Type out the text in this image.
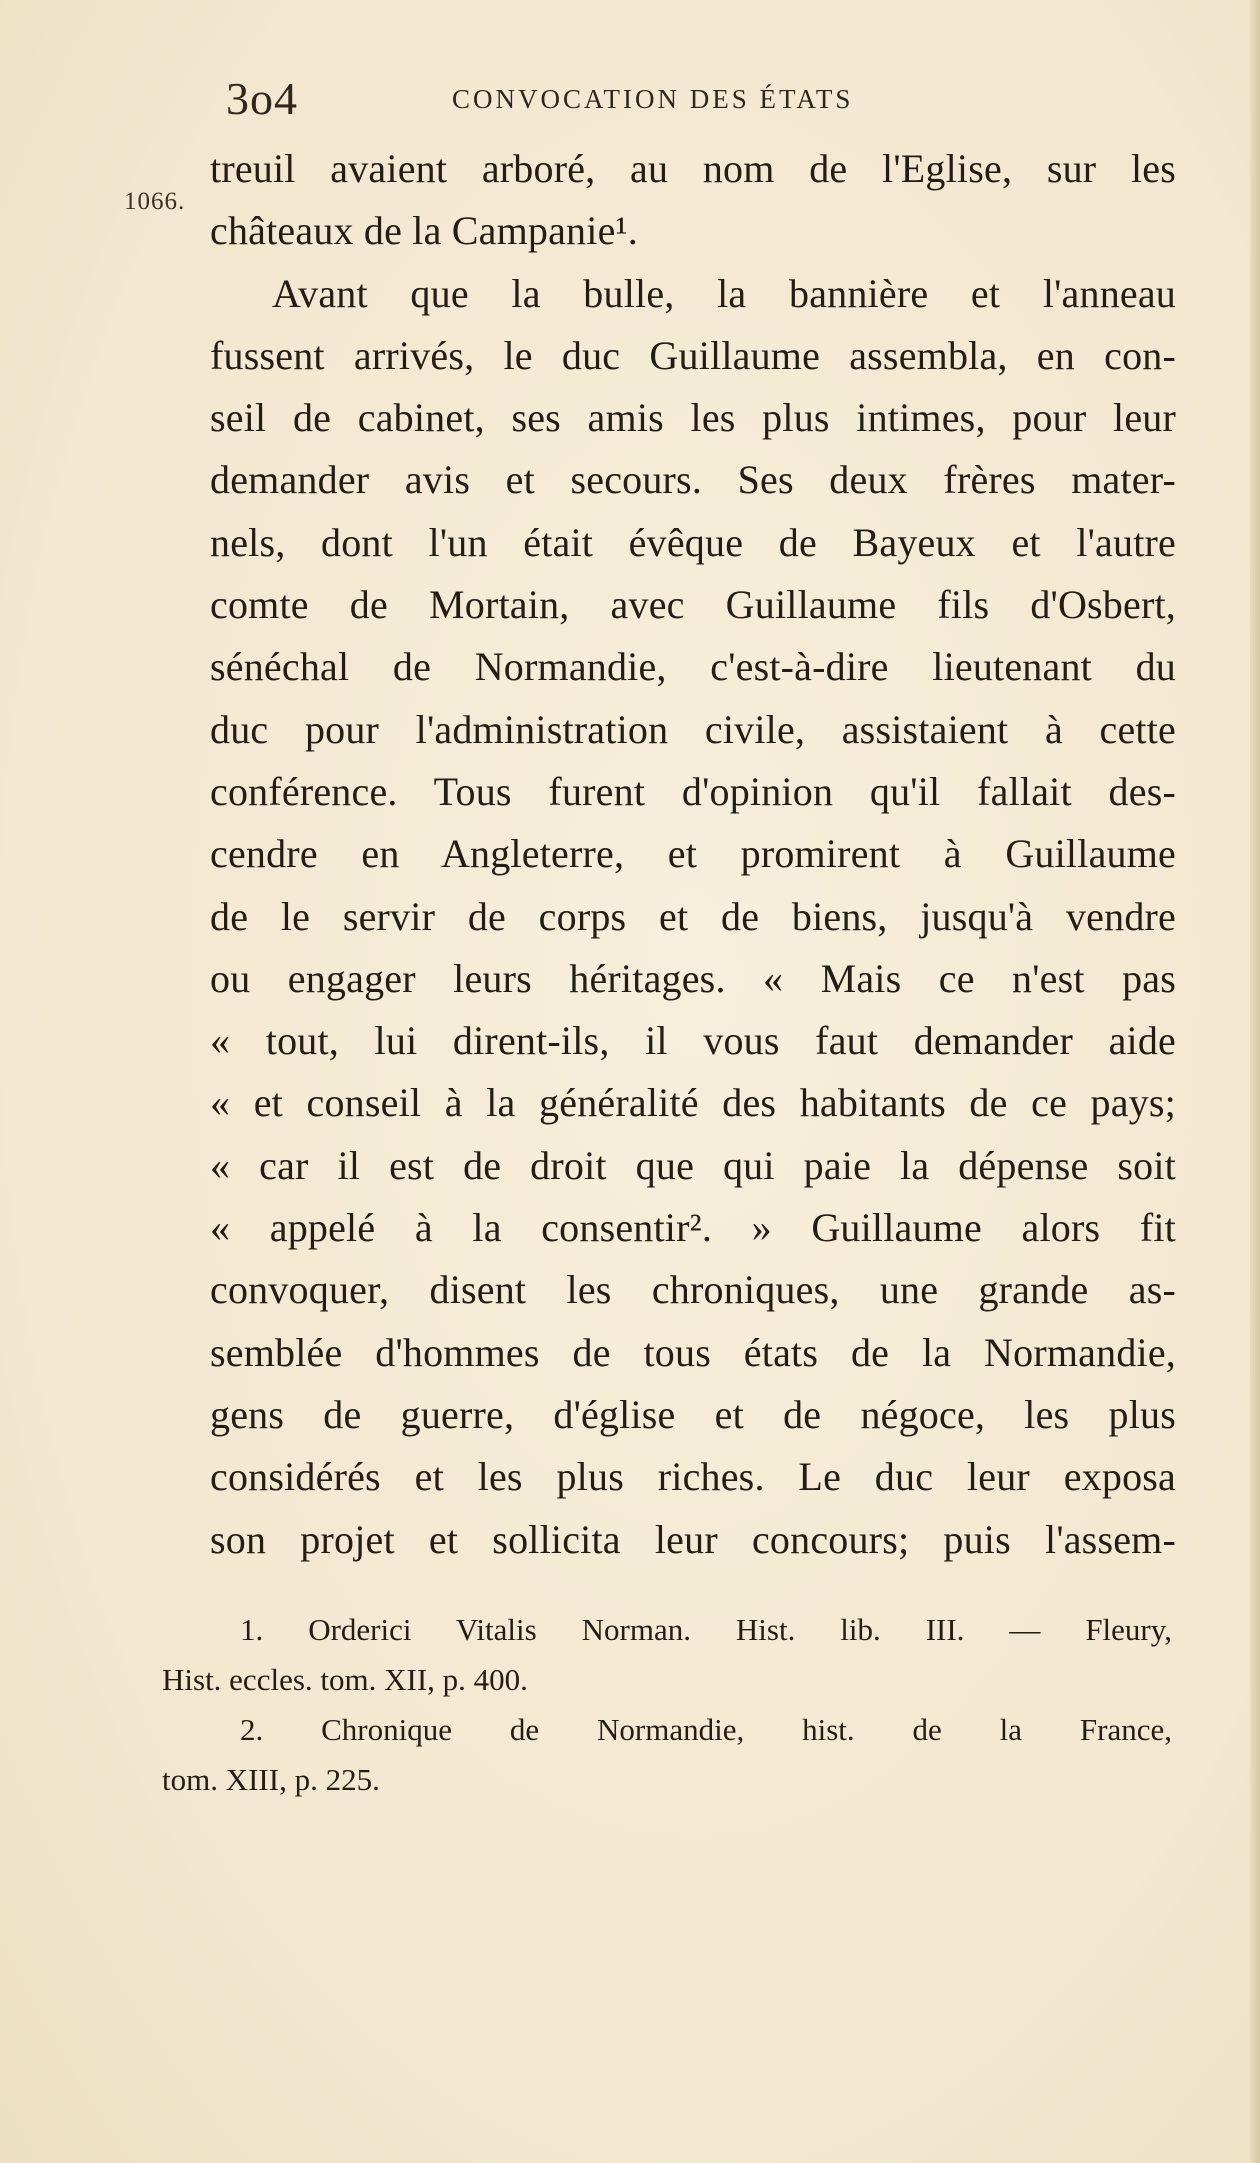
3o4	CONVOCATION DES ÉTATS
1066.
treuil avaient arboré, au nom de l'Eglise, sur les
châteaux de la Campanie¹.
Avant que la bulle, la bannière et l'anneau
fussent arrivés, le duc Guillaume assembla, en con-
seil de cabinet, ses amis les plus intimes, pour leur
demander avis et secours. Ses deux frères mater-
nels, dont l'un était évêque de Bayeux et l'autre
comte de Mortain, avec Guillaume fils d'Osbert,
sénéchal de Normandie, c'est-à-dire lieutenant du
duc pour l'administration civile, assistaient à cette
conférence. Tous furent d'opinion qu'il fallait des-
cendre en Angleterre, et promirent à Guillaume
de le servir de corps et de biens, jusqu'à vendre
ou engager leurs héritages. « Mais ce n'est pas
« tout, lui dirent-ils, il vous faut demander aide
« et conseil à la généralité des habitants de ce pays;
« car il est de droit que qui paie la dépense soit
« appelé à la consentir². » Guillaume alors fit
convoquer, disent les chroniques, une grande as-
semblée d'hommes de tous états de la Normandie,
gens de guerre, d'église et de négoce, les plus
considérés et les plus riches. Le duc leur exposa
son projet et sollicita leur concours; puis l'assem-
1. Orderici Vitalis Norman. Hist. lib. III. — Fleury,
Hist. eccles. tom. XII, p. 400.
2. Chronique de Normandie, hist. de la France,
tom. XIII, p. 225.
